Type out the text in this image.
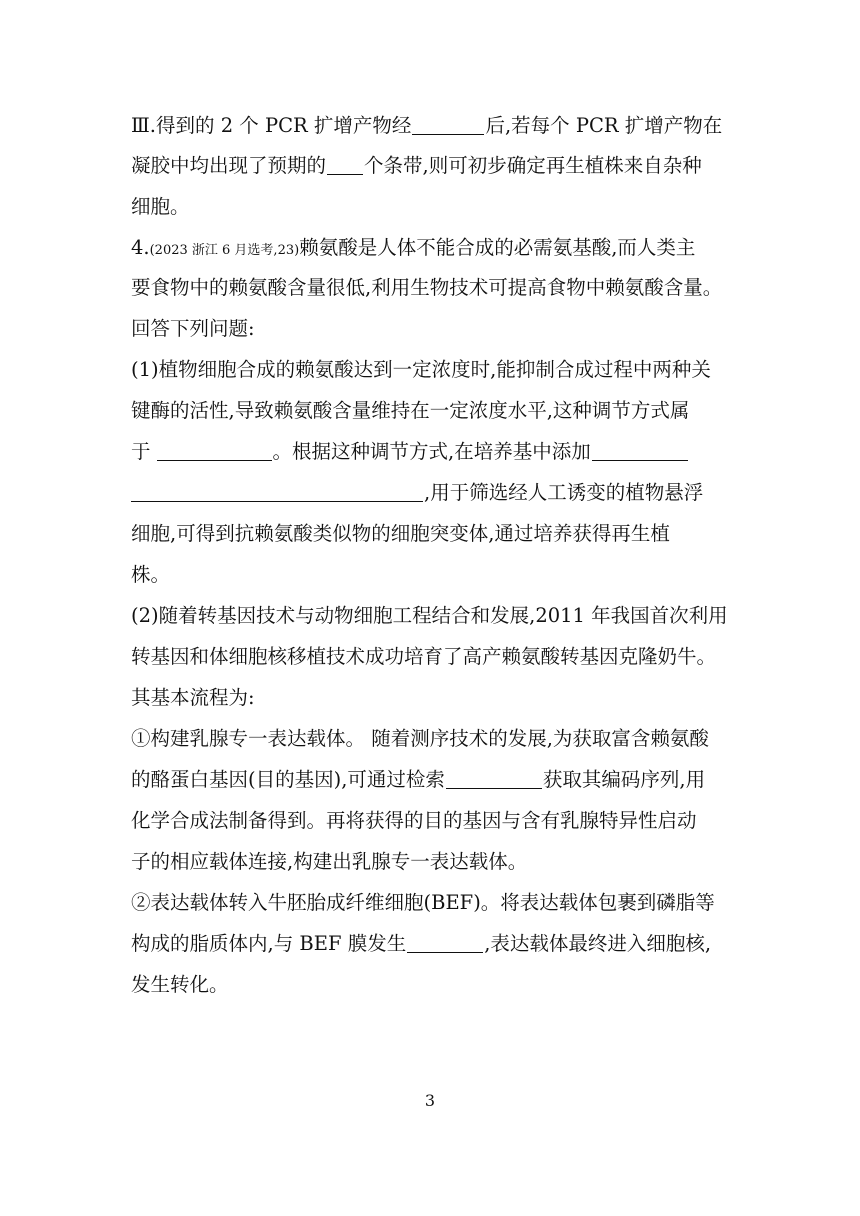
Ⅲ.得到的 2 个 PCR 扩增产物经	后,若每个 PCR 扩增产物在
凝胶中均出现了预期的 个条带,则可初步确定再生植株来自杂种
细胞。
4.(2023 浙江 6 月选考,23)赖氨酸是人体不能合成的必需氨基酸,而人类主
要食物中的赖氨酸含量很低,利用生物技术可提高食物中赖氨酸含量。
回答下列问题:
(1)植物细胞合成的赖氨酸达到一定浓度时,能抑制合成过程中两种关
键酶的活性,导致赖氨酸含量维持在一定浓度水平,这种调节方式属
于	。根据这种调节方式,在培养基中添加
,用于筛选经人工诱变的植物悬浮
细胞,可得到抗赖氨酸类似物的细胞突变体,通过培养获得再生植
株。
(2)随着转基因技术与动物细胞工程结合和发展,2011 年我国首次利用
转基因和体细胞核移植技术成功培育了高产赖氨酸转基因克隆奶牛。
其基本流程为:
①构建乳腺专一表达载体。 随着测序技术的发展,为获取富含赖氨酸
的酪蛋白基因(目的基因),可通过检索	获取其编码序列,用
化学合成法制备得到。再将获得的目的基因与含有乳腺特异性启动
子的相应载体连接,构建出乳腺专一表达载体。
②表达载体转入牛胚胎成纤维细胞(BEF)。将表达载体包裹到磷脂等
构成的脂质体内,与 BEF 膜发生	,表达载体最终进入细胞核,
发生转化。
3
